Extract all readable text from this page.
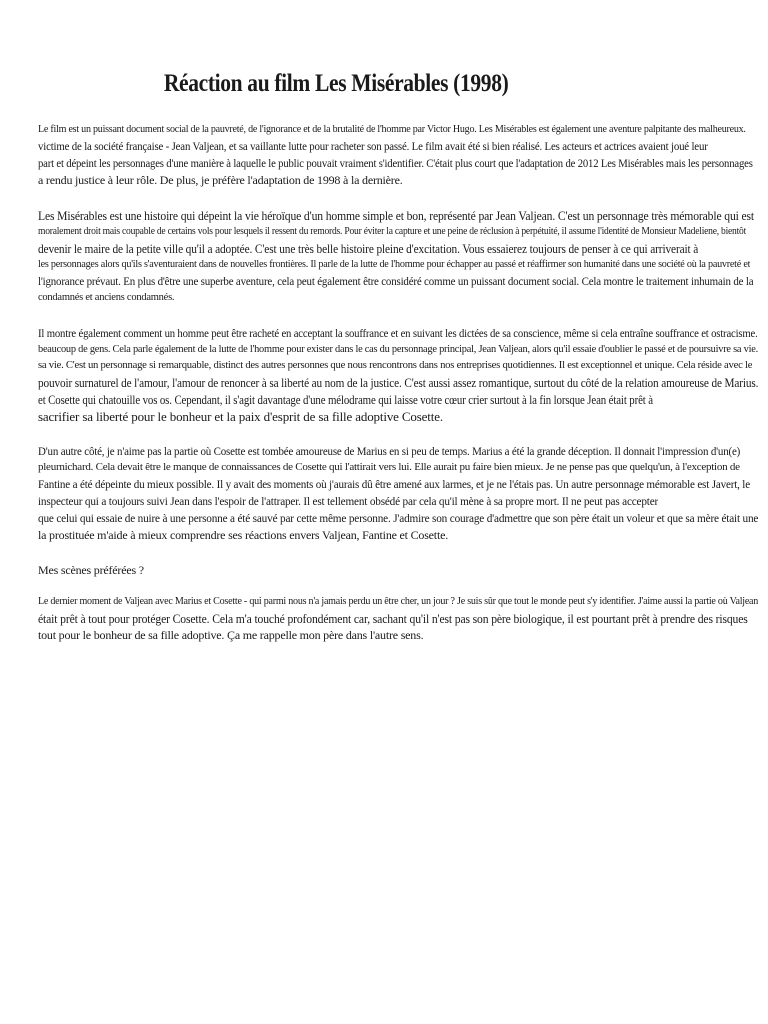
Réaction au film Les Misérables (1998)
Le film est un puissant document social de la pauvreté, de l'ignorance et de la brutalité de l'homme par Victor Hugo. Les Misérables est également une aventure palpitante des malheureux.
victime de la société française - Jean Valjean, et sa vaillante lutte pour racheter son passé. Le film avait été si bien réalisé. Les acteurs et actrices avaient joué leur
part et dépeint les personnages d'une manière à laquelle le public pouvait vraiment s'identifier. C'était plus court que l'adaptation de 2012 Les Misérables mais les personnages
a rendu justice à leur rôle. De plus, je préfère l'adaptation de 1998 à la dernière.
Les Misérables est une histoire qui dépeint la vie héroïque d'un homme simple et bon, représenté par Jean Valjean. C'est un personnage très mémorable qui est
moralement droit mais coupable de certains vols pour lesquels il ressent du remords. Pour éviter la capture et une peine de réclusion à perpétuité, il assume l'identité de Monsieur Madeliene, bientôt
devenir le maire de la petite ville qu'il a adoptée. C'est une très belle histoire pleine d'excitation. Vous essaierez toujours de penser à ce qui arriverait à
les personnages alors qu'ils s'aventuraient dans de nouvelles frontières. Il parle de la lutte de l'homme pour échapper au passé et réaffirmer son humanité dans une société où la pauvreté et
l'ignorance prévaut. En plus d'être une superbe aventure, cela peut également être considéré comme un puissant document social. Cela montre le traitement inhumain de la
condamnés et anciens condamnés.
Il montre également comment un homme peut être racheté en acceptant la souffrance et en suivant les dictées de sa conscience, même si cela entraîne souffrance et ostracisme.
beaucoup de gens. Cela parle également de la lutte de l'homme pour exister dans le cas du personnage principal, Jean Valjean, alors qu'il essaie d'oublier le passé et de poursuivre sa vie.
sa vie. C'est un personnage si remarquable, distinct des autres personnes que nous rencontrons dans nos entreprises quotidiennes. Il est exceptionnel et unique. Cela réside avec le
pouvoir surnaturel de l'amour, l'amour de renoncer à sa liberté au nom de la justice. C'est aussi assez romantique, surtout du côté de la relation amoureuse de Marius.
et Cosette qui chatouille vos os. Cependant, il s'agit davantage d'une mélodrame qui laisse votre cœur crier surtout à la fin lorsque Jean était prêt à
sacrifier sa liberté pour le bonheur et la paix d'esprit de sa fille adoptive Cosette.
D'un autre côté, je n'aime pas la partie où Cosette est tombée amoureuse de Marius en si peu de temps. Marius a été la grande déception. Il donnait l'impression d'un(e)
pleurnichard. Cela devait être le manque de connaissances de Cosette qui l'attirait vers lui. Elle aurait pu faire bien mieux. Je ne pense pas que quelqu'un, à l'exception de
Fantine a été dépeinte du mieux possible. Il y avait des moments où j'aurais dû être amené aux larmes, et je ne l'étais pas. Un autre personnage mémorable est Javert, le
inspecteur qui a toujours suivi Jean dans l'espoir de l'attraper. Il est tellement obsédé par cela qu'il mène à sa propre mort. Il ne peut pas accepter
que celui qui essaie de nuire à une personne a été sauvé par cette même personne. J'admire son courage d'admettre que son père était un voleur et que sa mère était une
la prostituée m'aide à mieux comprendre ses réactions envers Valjean, Fantine et Cosette.
Mes scènes préférées ?
Le dernier moment de Valjean avec Marius et Cosette - qui parmi nous n'a jamais perdu un être cher, un jour ? Je suis sûr que tout le monde peut s'y identifier. J'aime aussi la partie où Valjean
était prêt à tout pour protéger Cosette. Cela m'a touché profondément car, sachant qu'il n'est pas son père biologique, il est pourtant prêt à prendre des risques
tout pour le bonheur de sa fille adoptive. Ça me rappelle mon père dans l'autre sens.
